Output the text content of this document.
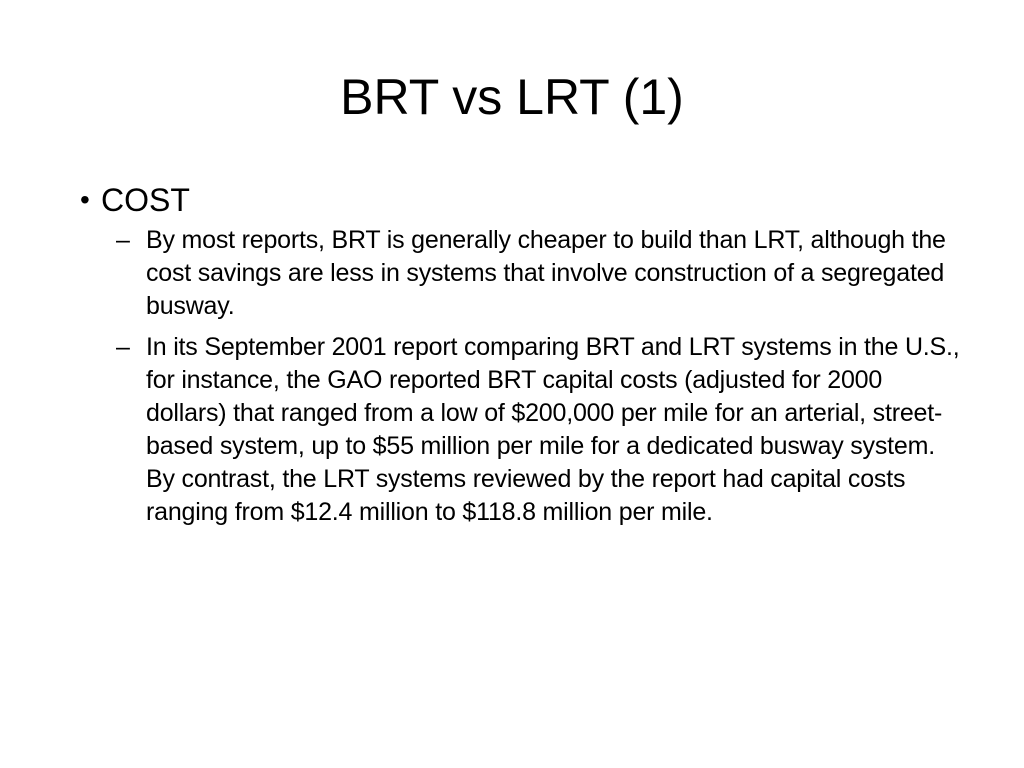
BRT vs LRT (1)
• COST
– By most reports, BRT is generally cheaper to build than LRT, although the cost savings are less in systems that involve construction of a segregated busway.
– In its September 2001 report comparing BRT and LRT systems in the U.S., for instance, the GAO reported BRT capital costs (adjusted for 2000 dollars) that ranged from a low of $200,000 per mile for an arterial, street-based system, up to $55 million per mile for a dedicated busway system. By contrast, the LRT systems reviewed by the report had capital costs ranging from $12.4 million to $118.8 million per mile.
